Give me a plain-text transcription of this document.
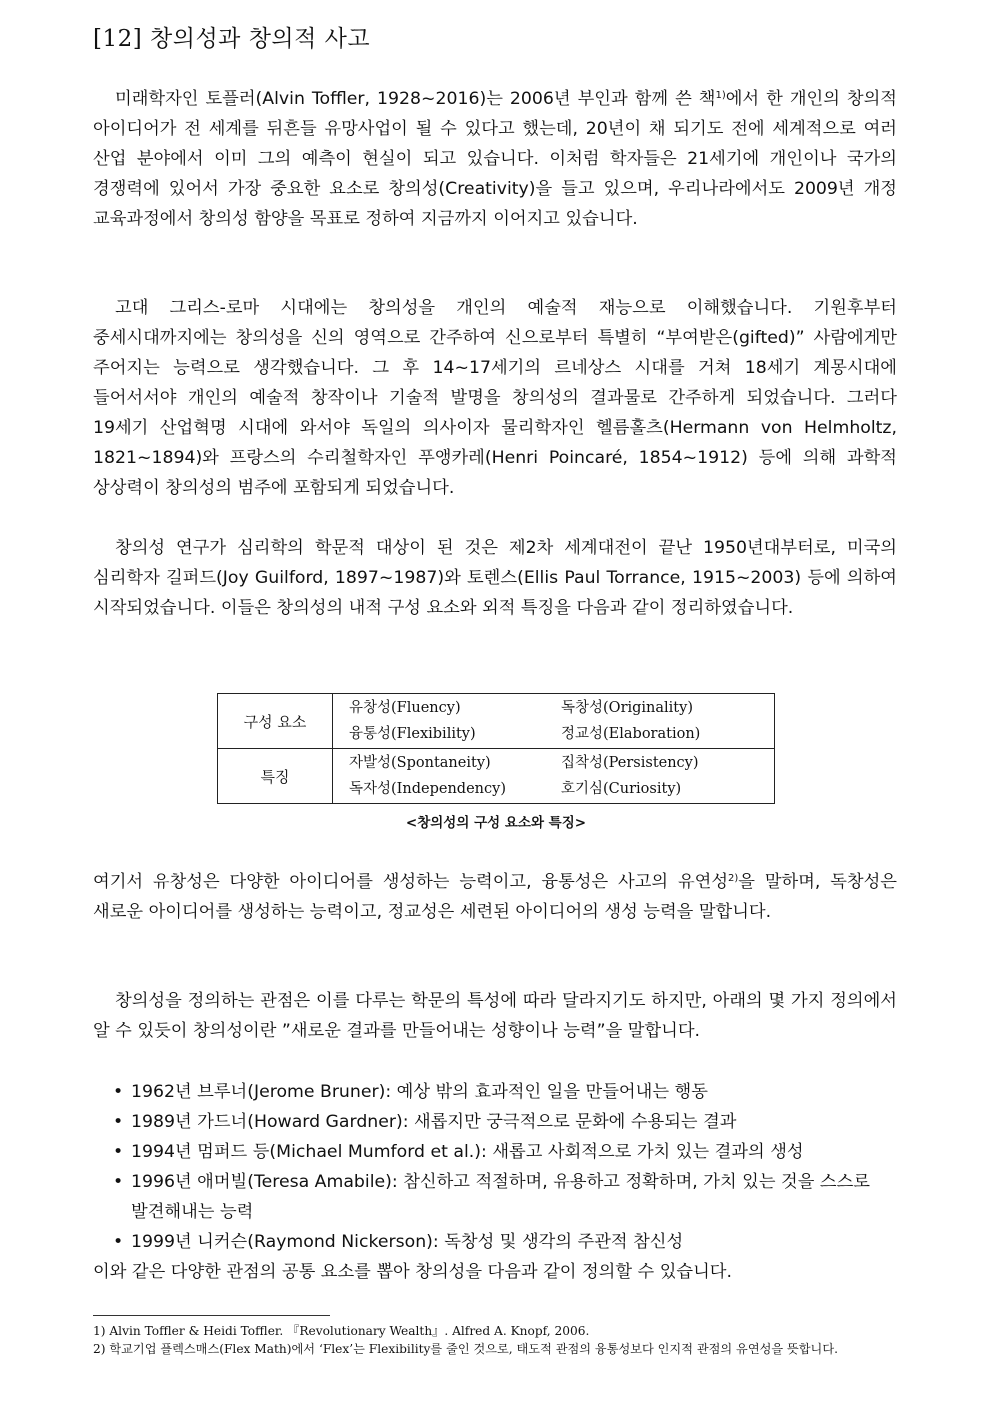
[12] 창의성과 창의적 사고

미래학자인 토플러(Alvin Toffler, 1928~2016)는 2006년 부인과 함께 쓴 책$^{1)}$에서 한 개인의 창의적 아이디어가 전 세계를 뒤흔들 유망사업이 될 수 있다고 했는데, 20년이 채 되기도 전에 세계적으로 여러 산업 분야에서 이미 그의 예측이 현실이 되고 있습니다. 이처럼 학자들은 21세기에 개인이나 국가의 경쟁력에 있어서 가장 중요한 요소로 창의성(Creativity)을 들고 있으며, 우리나라에서도 2009년 개정 교육과정에서 창의성 함양을 목표로 정하여 지금까지 이어지고 있습니다.

고대 그리스-로마 시대에는 창의성을 개인의 예술적 재능으로 이해했습니다. 기원후부터 중세시대까지에는 창의성을 신의 영역으로 간주하여 신으로부터 특별히 “부여받은(gifted)” 사람에게만 주어지는 능력으로 생각했습니다. 그 후 14~17세기의 르네상스 시대를 거쳐 18세기 계몽시대에 들어서서야 개인의 예술적 창작이나 기술적 발명을 창의성의 결과물로 간주하게 되었습니다. 그러다 19세기 산업혁명 시대에 와서야 독일의 의사이자 물리학자인 헬름홀츠(Hermann von Helmholtz, 1821~1894)와 프랑스의 수리철학자인 푸앵카레(Henri Poincaré, 1854~1912) 등에 의해 과학적 상상력이 창의성의 범주에 포함되게 되었습니다.

창의성 연구가 심리학의 학문적 대상이 된 것은 제2차 세계대전이 끝난 1950년대부터로, 미국의 심리학자 길퍼드(Joy Guilford, 1897~1987)와 토렌스(Ellis Paul Torrance, 1915~2003) 등에 의하여 시작되었습니다. 이들은 창의성의 내적 구성 요소와 외적 특징을 다음과 같이 정리하였습니다.

구성 요소	유창성(Fluency) 독창성(Originality)
융통성(Flexibility) 정교성(Elaboration)

특징	자발성(Spontaneity) 집착성(Persistency)
독자성(Independency) 호기심(Curiosity)
<창의성의 구성 요소와 특징>

여기서 유창성은 다양한 아이디어를 생성하는 능력이고, 융통성은 사고의 유연성$^{2)}$을 말하며, 독창성은 새로운 아이디어를 생성하는 능력이고, 정교성은 세련된 아이디어의 생성 능력을 말합니다.

창의성을 정의하는 관점은 이를 다루는 학문의 특성에 따라 달라지기도 하지만, 아래의 몇 가지 정의에서 알 수 있듯이 창의성이란 ”새로운 결과를 만들어내는 성향이나 능력”을 말합니다.

• 1962년 브루너(Jerome Bruner): 예상 밖의 효과적인 일을 만들어내는 행동
• 1989년 가드너(Howard Gardner): 새롭지만 궁극적으로 문화에 수용되는 결과
• 1994년 멈퍼드 등(Michael Mumford et al.): 새롭고 사회적으로 가치 있는 결과의 생성
• 1996년 애머빌(Teresa Amabile): 참신하고 적절하며, 유용하고 정확하며, 가치 있는 것을 스스로 발견해내는 능력
• 1999년 니커슨(Raymond Nickerson): 독창성 및 생각의 주관적 참신성

이와 같은 다양한 관점의 공통 요소를 뽑아 창의성을 다음과 같이 정의할 수 있습니다.

1) Alvin Toffler & Heidi Toffler. 『Revolutionary Wealth』. Alfred A. Knopf, 2006.
2) 학교기업 플렉스매스(Flex Math)에서 ‘Flex’는 Flexibility를 줄인 것으로, 태도적 관점의 융통성보다 인지적 관점의 유연성을 뜻합니다.
